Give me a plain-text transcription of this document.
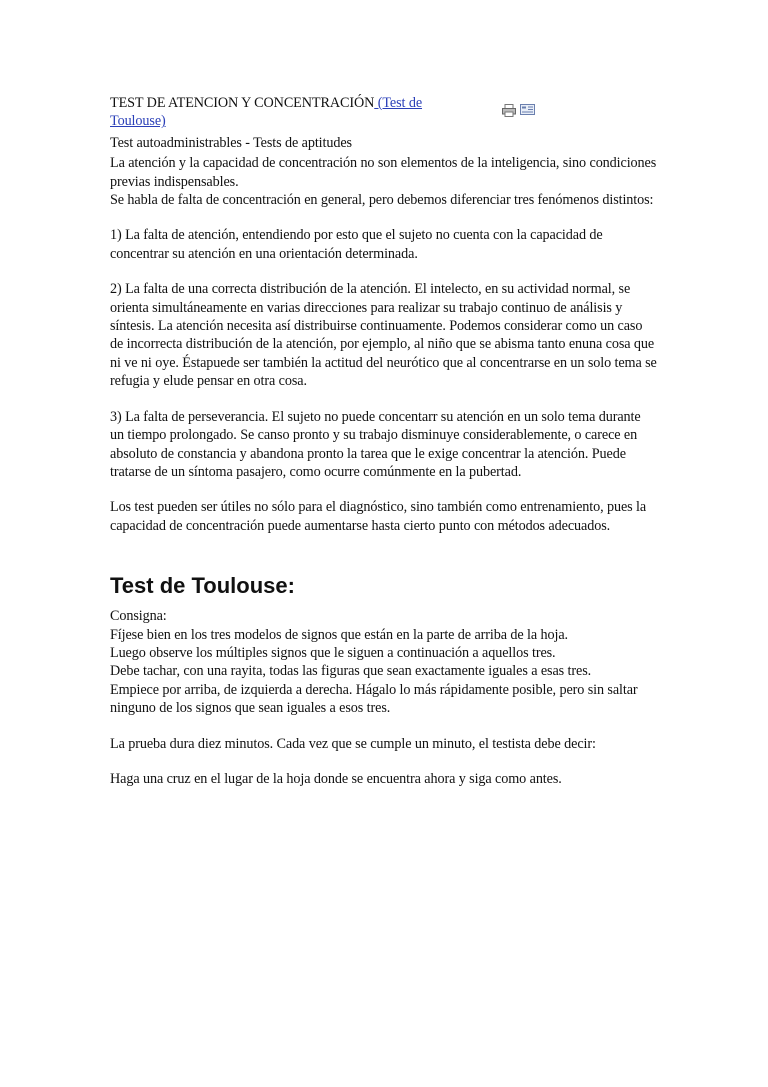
TEST DE ATENCION Y CONCENTRACIÓN (Test de Toulouse)

Test autoadministrables - Tests de aptitudes

La atención y la capacidad de concentración no son elementos de la inteligencia, sino condiciones previas indispensables.

Se habla de falta de concentración en general, pero debemos diferenciar tres fenómenos distintos:

1) La falta de atención, entendiendo por esto que el sujeto no cuenta con la capacidad de concentrar su atención en una orientación determinada.

2) La falta de una correcta distribución de la atención. El intelecto, en su actividad normal, se orienta simultáneamente en varias direcciones para realizar su trabajo continuo de análisis y síntesis. La atención necesita así distribuirse continuamente. Podemos considerar como un caso de incorrecta distribución de la atención, por ejemplo, al niño que se abisma tanto enuna cosa que ni ve ni oye. Éstapuede ser también la actitud del neurótico que al concentrarse en un solo tema se refugia y elude pensar en otra cosa.

3) La falta de perseverancia. El sujeto no puede concentarr su atención en un solo tema durante un tiempo prolongado. Se canso pronto y su trabajo disminuye considerablemente, o carece en absoluto de constancia y abandona pronto la tarea que le exige concentrar la atención. Puede tratarse de un síntoma pasajero, como ocurre comúnmente en la pubertad.

Los test pueden ser útiles no sólo para el diagnóstico, sino también como entrenamiento, pues la capacidad de concentración puede aumentarse hasta cierto punto con métodos adecuados.

Test de Toulouse:

Consigna:

Fíjese bien en los tres modelos de signos que están en la parte de arriba de la hoja.

Luego observe los múltiples signos que le siguen a continuación a aquellos tres.

Debe tachar, con una rayita, todas las figuras que sean exactamente iguales a esas tres.

Empiece por arriba, de izquierda a derecha. Hágalo lo más rápidamente posible, pero sin saltar ninguno de los signos que sean iguales a esos tres.

La prueba dura diez minutos. Cada vez que se cumple un minuto, el testista debe decir:

Haga una cruz en el lugar de la hoja donde se encuentra ahora y siga como antes.
